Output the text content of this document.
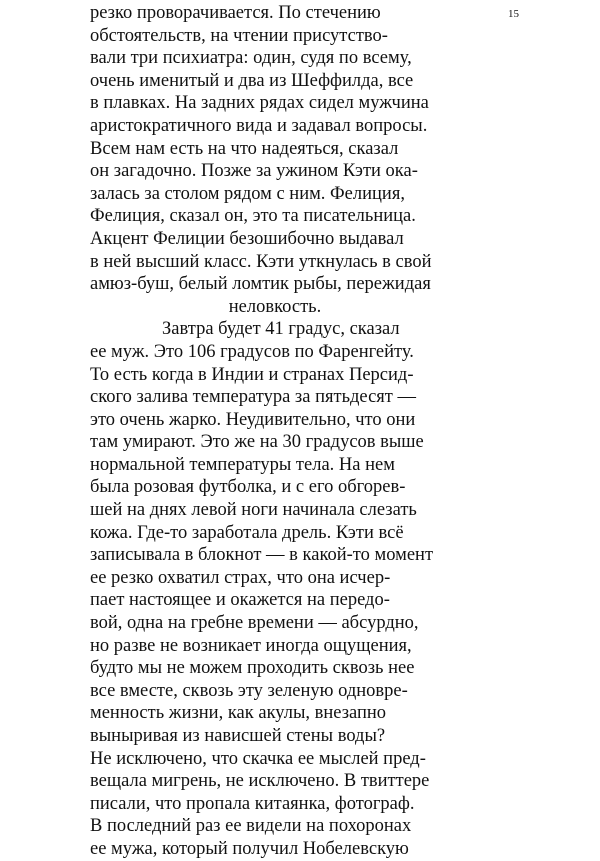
15
резко проворачивается. По стечению
обстоятельств, на чтении присутство-
вали три психиатра: один, судя по всему,
очень именитый и два из Шеффилда, все
в плавках. На задних рядах сидел мужчина
аристократичного вида и задавал вопросы.
Всем нам есть на что надеяться, сказал
он загадочно. Позже за ужином Кэти ока-
залась за столом рядом с ним. Фелиция,
Фелиция, сказал он, это та писательница.
Акцент Фелиции безошибочно выдавал
в ней высший класс. Кэти уткнулась в свой
амюз-буш, белый ломтик рыбы, пережидая
неловкость.
Завтра будет 41 градус, сказал
ее муж. Это 106 градусов по Фаренгейту.
То есть когда в Индии и странах Персид-
ского залива температура за пятьдесят —
это очень жарко. Неудивительно, что они
там умирают. Это же на 30 градусов выше
нормальной температуры тела. На нем
была розовая футболка, и с его обгорев-
шей на днях левой ноги начинала слезать
кожа. Где-то заработала дрель. Кэти всё
записывала в блокнот — в какой-то момент
ее резко охватил страх, что она исчер-
пает настоящее и окажется на передо-
вой, одна на гребне времени — абсурдно,
но разве не возникает иногда ощущения,
будто мы не можем проходить сквозь нее
все вместе, сквозь эту зеленую одновре-
менность жизни, как акулы, внезапно
выныривая из нависшей стены воды?
Не исключено, что скачка ее мыслей пред-
вещала мигрень, не исключено. В твиттере
писали, что пропала китаянка, фотограф.
В последний раз ее видели на похоронах
ее мужа, который получил Нобелевскую
